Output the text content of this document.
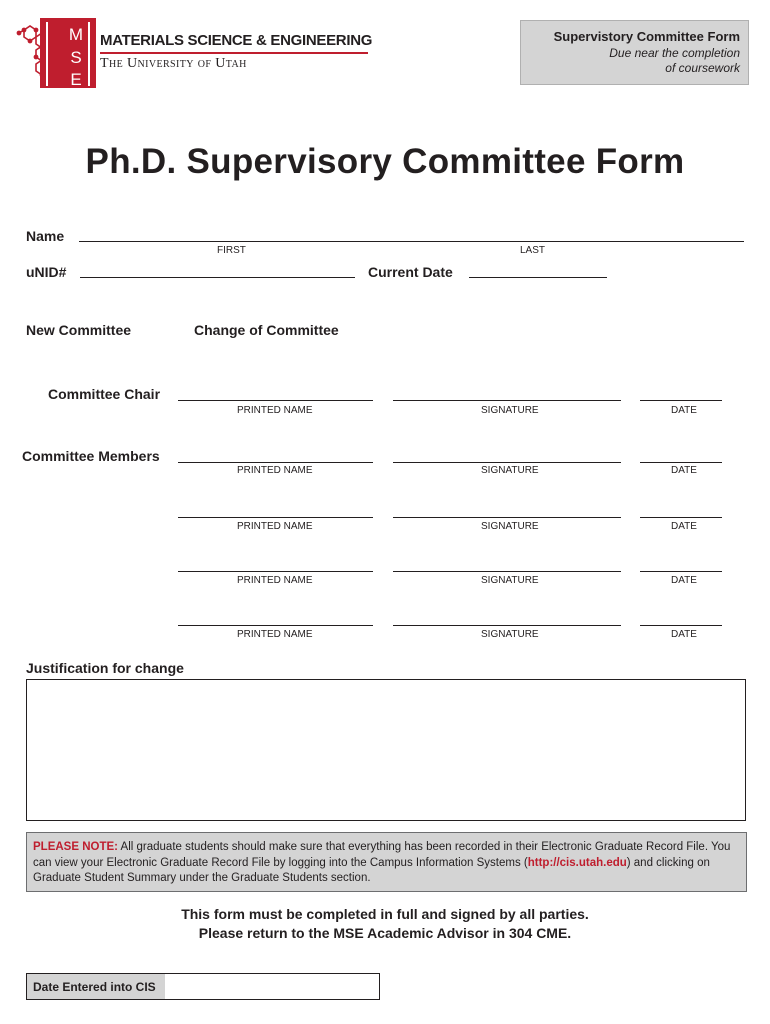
M
S
E
MATERIALS SCIENCE & ENGINEERING
The University of Utah
Supervistory Committee Form
Due near the completion
of coursework
Ph.D. Supervisory Committee Form
Name
FIRST	LAST
uNID#	Current Date
New Committee	Change of Committee
Committee Chair
PRINTED NAME	SIGNATURE	DATE
Committee Members
PRINTED NAME	SIGNATURE	DATE
PRINTED NAME	SIGNATURE	DATE
PRINTED NAME	SIGNATURE	DATE
PRINTED NAME	SIGNATURE	DATE
Justification for change
PLEASE NOTE: All graduate students should make sure that everything has been recorded in their Electronic Graduate Record File. You can view your Electronic Graduate Record File by logging into the Campus Information Systems (http://cis.utah.edu) and clicking on Graduate Student Summary under the Graduate Students section.
This form must be completed in full and signed by all parties.
Please return to the MSE Academic Advisor in 304 CME.
Date Entered into CIS
